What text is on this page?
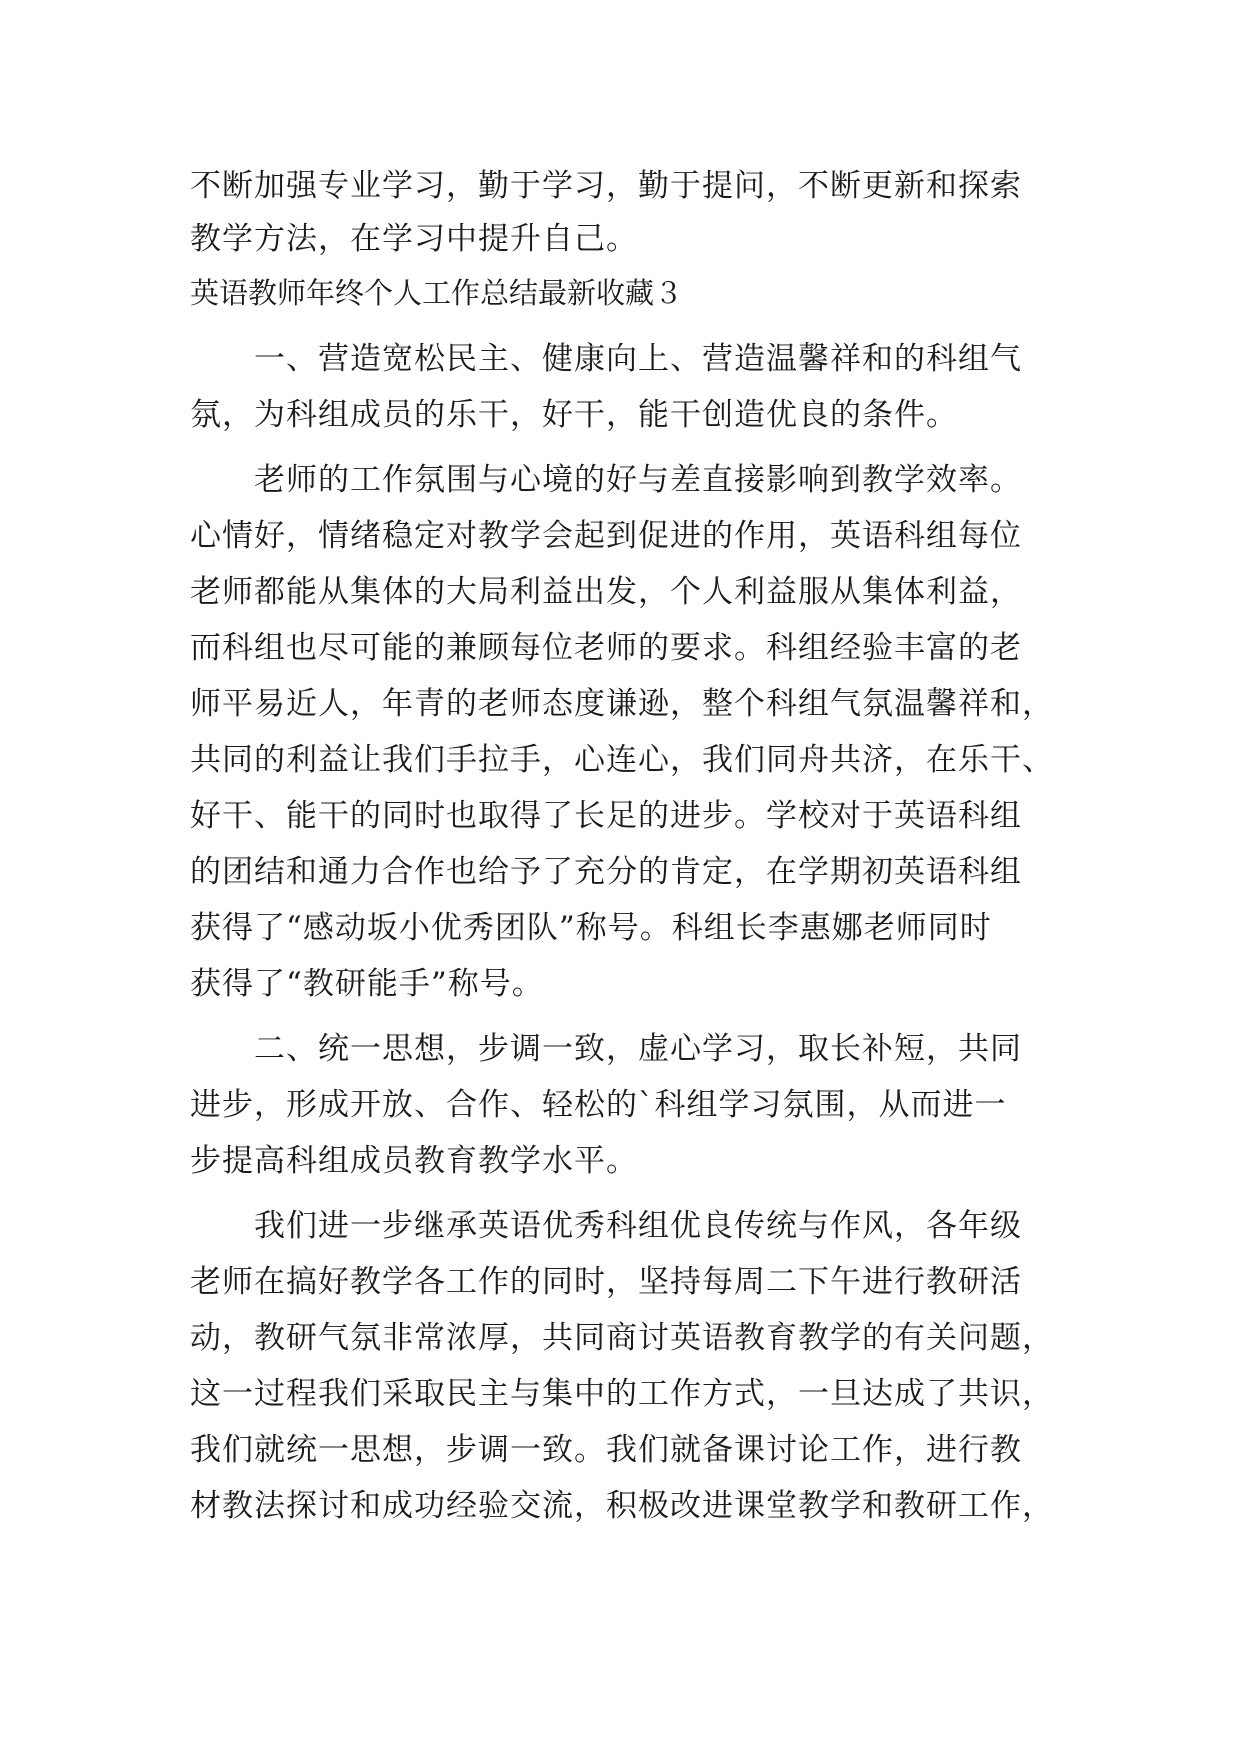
不断加强专业学习，勤于学习，勤于提问，不断更新和探索
教学方法，在学习中提升自己。
英语教师年终个人工作总结最新收藏３
　　一、营造宽松民主、健康向上、营造温馨祥和的科组气
氛，为科组成员的乐干，好干，能干创造优良的条件。
　　老师的工作氛围与心境的好与差直接影响到教学效率。
心情好，情绪稳定对教学会起到促进的作用，英语科组每位
老师都能从集体的大局利益出发，个人利益服从集体利益，
而科组也尽可能的兼顾每位老师的要求。科组经验丰富的老
师平易近人，年青的老师态度谦逊，整个科组气氛温馨祥和，
共同的利益让我们手拉手，心连心，我们同舟共济，在乐干、
好干、能干的同时也取得了长足的进步。学校对于英语科组
的团结和通力合作也给予了充分的肯定，在学期初英语科组
获得了“感动坂小优秀团队”称号。科组长李惠娜老师同时
获得了“教研能手”称号。
　　二、统一思想，步调一致，虚心学习，取长补短，共同
进步，形成开放、合作、轻松的`科组学习氛围，从而进一
步提高科组成员教育教学水平。
　　我们进一步继承英语优秀科组优良传统与作风，各年级
老师在搞好教学各工作的同时，坚持每周二下午进行教研活
动，教研气氛非常浓厚，共同商讨英语教育教学的有关问题，
这一过程我们采取民主与集中的工作方式，一旦达成了共识，
我们就统一思想，步调一致。我们就备课讨论工作，进行教
材教法探讨和成功经验交流，积极改进课堂教学和教研工作，
